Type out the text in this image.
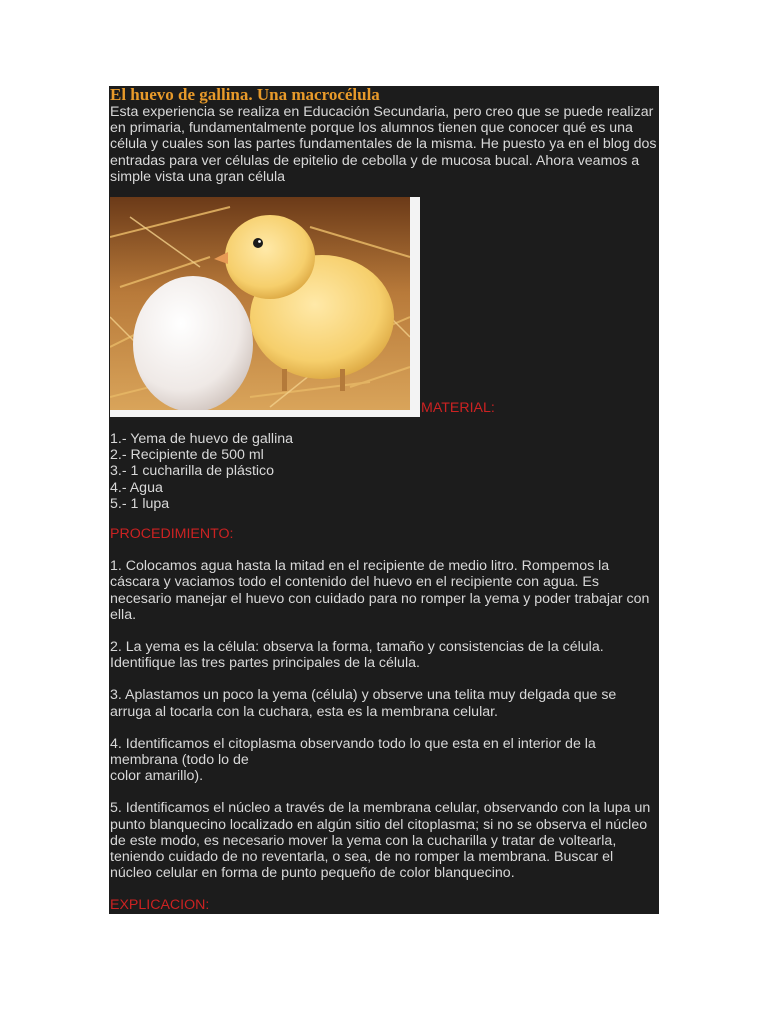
El huevo de gallina. Una macrocélula

Esta experiencia se realiza en Educación Secundaria, pero creo que se puede realizar en primaria, fundamentalmente porque los alumnos tienen que conocer qué es una célula y cuales son las partes fundamentales de la misma. He puesto ya en el blog dos entradas para ver células de epitelio de cebolla y de mucosa bucal. Ahora veamos a simple vista una gran célula

MATERIAL:
1.- Yema de huevo de gallina
2.- Recipiente de 500 ml
3.- 1 cucharilla de plástico
4.- Agua
5.- 1 lupa

PROCEDIMIENTO:

1. Colocamos agua hasta la mitad en el recipiente de medio litro. Rompemos la cáscara y vaciamos todo el contenido del huevo en el recipiente con agua. Es necesario manejar el huevo con cuidado para no romper la yema y poder trabajar con ella.

2. La yema es la célula: observa la forma, tamaño y consistencias de la célula. Identifique las tres partes principales de la célula.

3. Aplastamos un poco la yema (célula) y observe una telita muy delgada que se arruga al tocarla con la cuchara, esta es la membrana celular.

4. Identificamos el citoplasma observando todo lo que esta en el interior de la membrana (todo lo de

color amarillo).

5. Identificamos el núcleo a través de la membrana celular, observando con la lupa un punto blanquecino localizado en algún sitio del citoplasma; si no se observa el núcleo de este modo, es necesario mover la yema con la cucharilla y tratar de voltearla, teniendo cuidado de no reventarla, o sea, de no romper la membrana. Buscar el núcleo celular en forma de punto pequeño de color blanquecino.

EXPLICACION:
